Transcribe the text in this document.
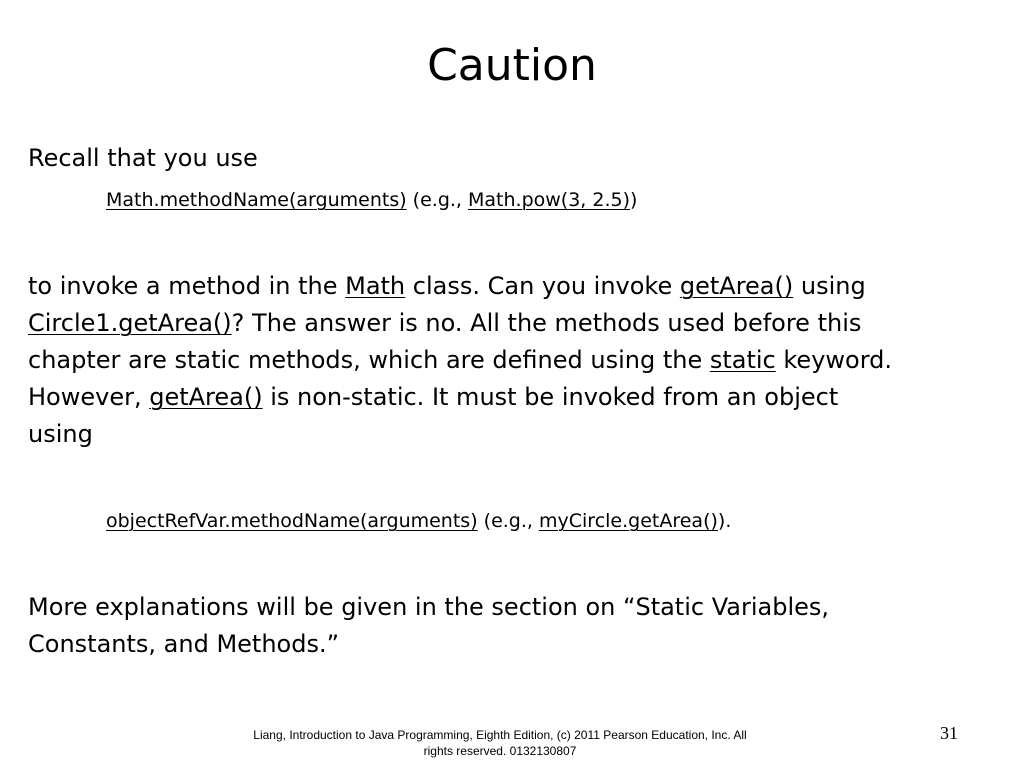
Caution
Recall that you use
Math.methodName(arguments) (e.g., Math.pow(3, 2.5))
to invoke a method in the Math class. Can you invoke getArea() using
Circle1.getArea()? The answer is no. All the methods used before this
chapter are static methods, which are defined using the static keyword.
However, getArea() is non-static. It must be invoked from an object
using
objectRefVar.methodName(arguments) (e.g., myCircle.getArea()).
More explanations will be given in the section on “Static Variables,
Constants, and Methods.”
Liang, Introduction to Java Programming, Eighth Edition, (c) 2011 Pearson Education, Inc. All
rights reserved. 0132130807
31
